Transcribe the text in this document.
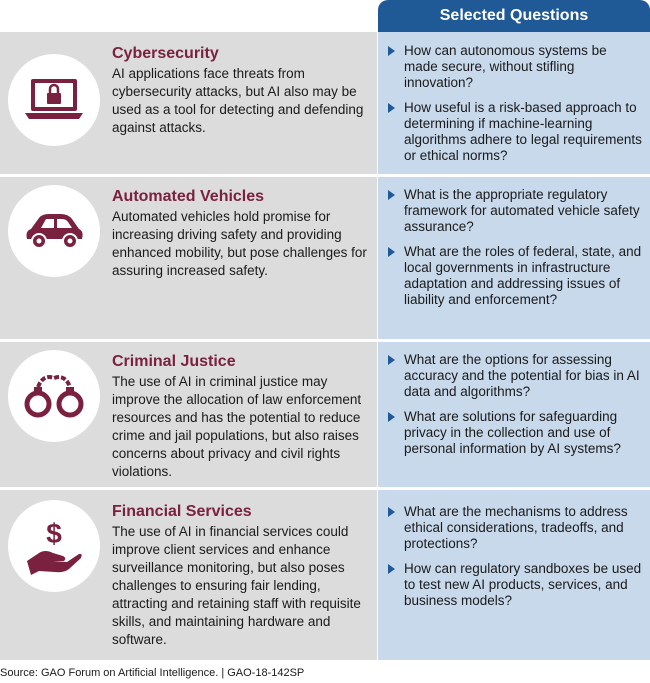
Selected Questions
Cybersecurity

AI applications face threats from cybersecurity attacks, but AI also may be used as a tool for detecting and defending against attacks.

How can autonomous systems be made secure, without stifling innovation?
How useful is a risk-based approach to determining if machine-learning algorithms adhere to legal requirements or ethical norms?
Automated Vehicles

Automated vehicles hold promise for increasing driving safety and providing enhanced mobility, but pose challenges for assuring increased safety.

What is the appropriate regulatory framework for automated vehicle safety assurance?
What are the roles of federal, state, and local governments in infrastructure adaptation and addressing issues of liability and enforcement?
Criminal Justice

The use of AI in criminal justice may improve the allocation of law enforcement resources and has the potential to reduce crime and jail populations, but also raises concerns about privacy and civil rights violations.

What are the options for assessing accuracy and the potential for bias in AI data and algorithms?
What are solutions for safeguarding privacy in the collection and use of personal information by AI systems?
$
Financial Services

The use of AI in financial services could improve client services and enhance surveillance monitoring, but also poses challenges to ensuring fair lending, attracting and retaining staff with requisite skills, and maintaining hardware and software.

What are the mechanisms to address ethical considerations, tradeoffs, and protections?
How can regulatory sandboxes be used to test new AI products, services, and business models?
Source: GAO Forum on Artificial Intelligence. | GAO-18-142SP
